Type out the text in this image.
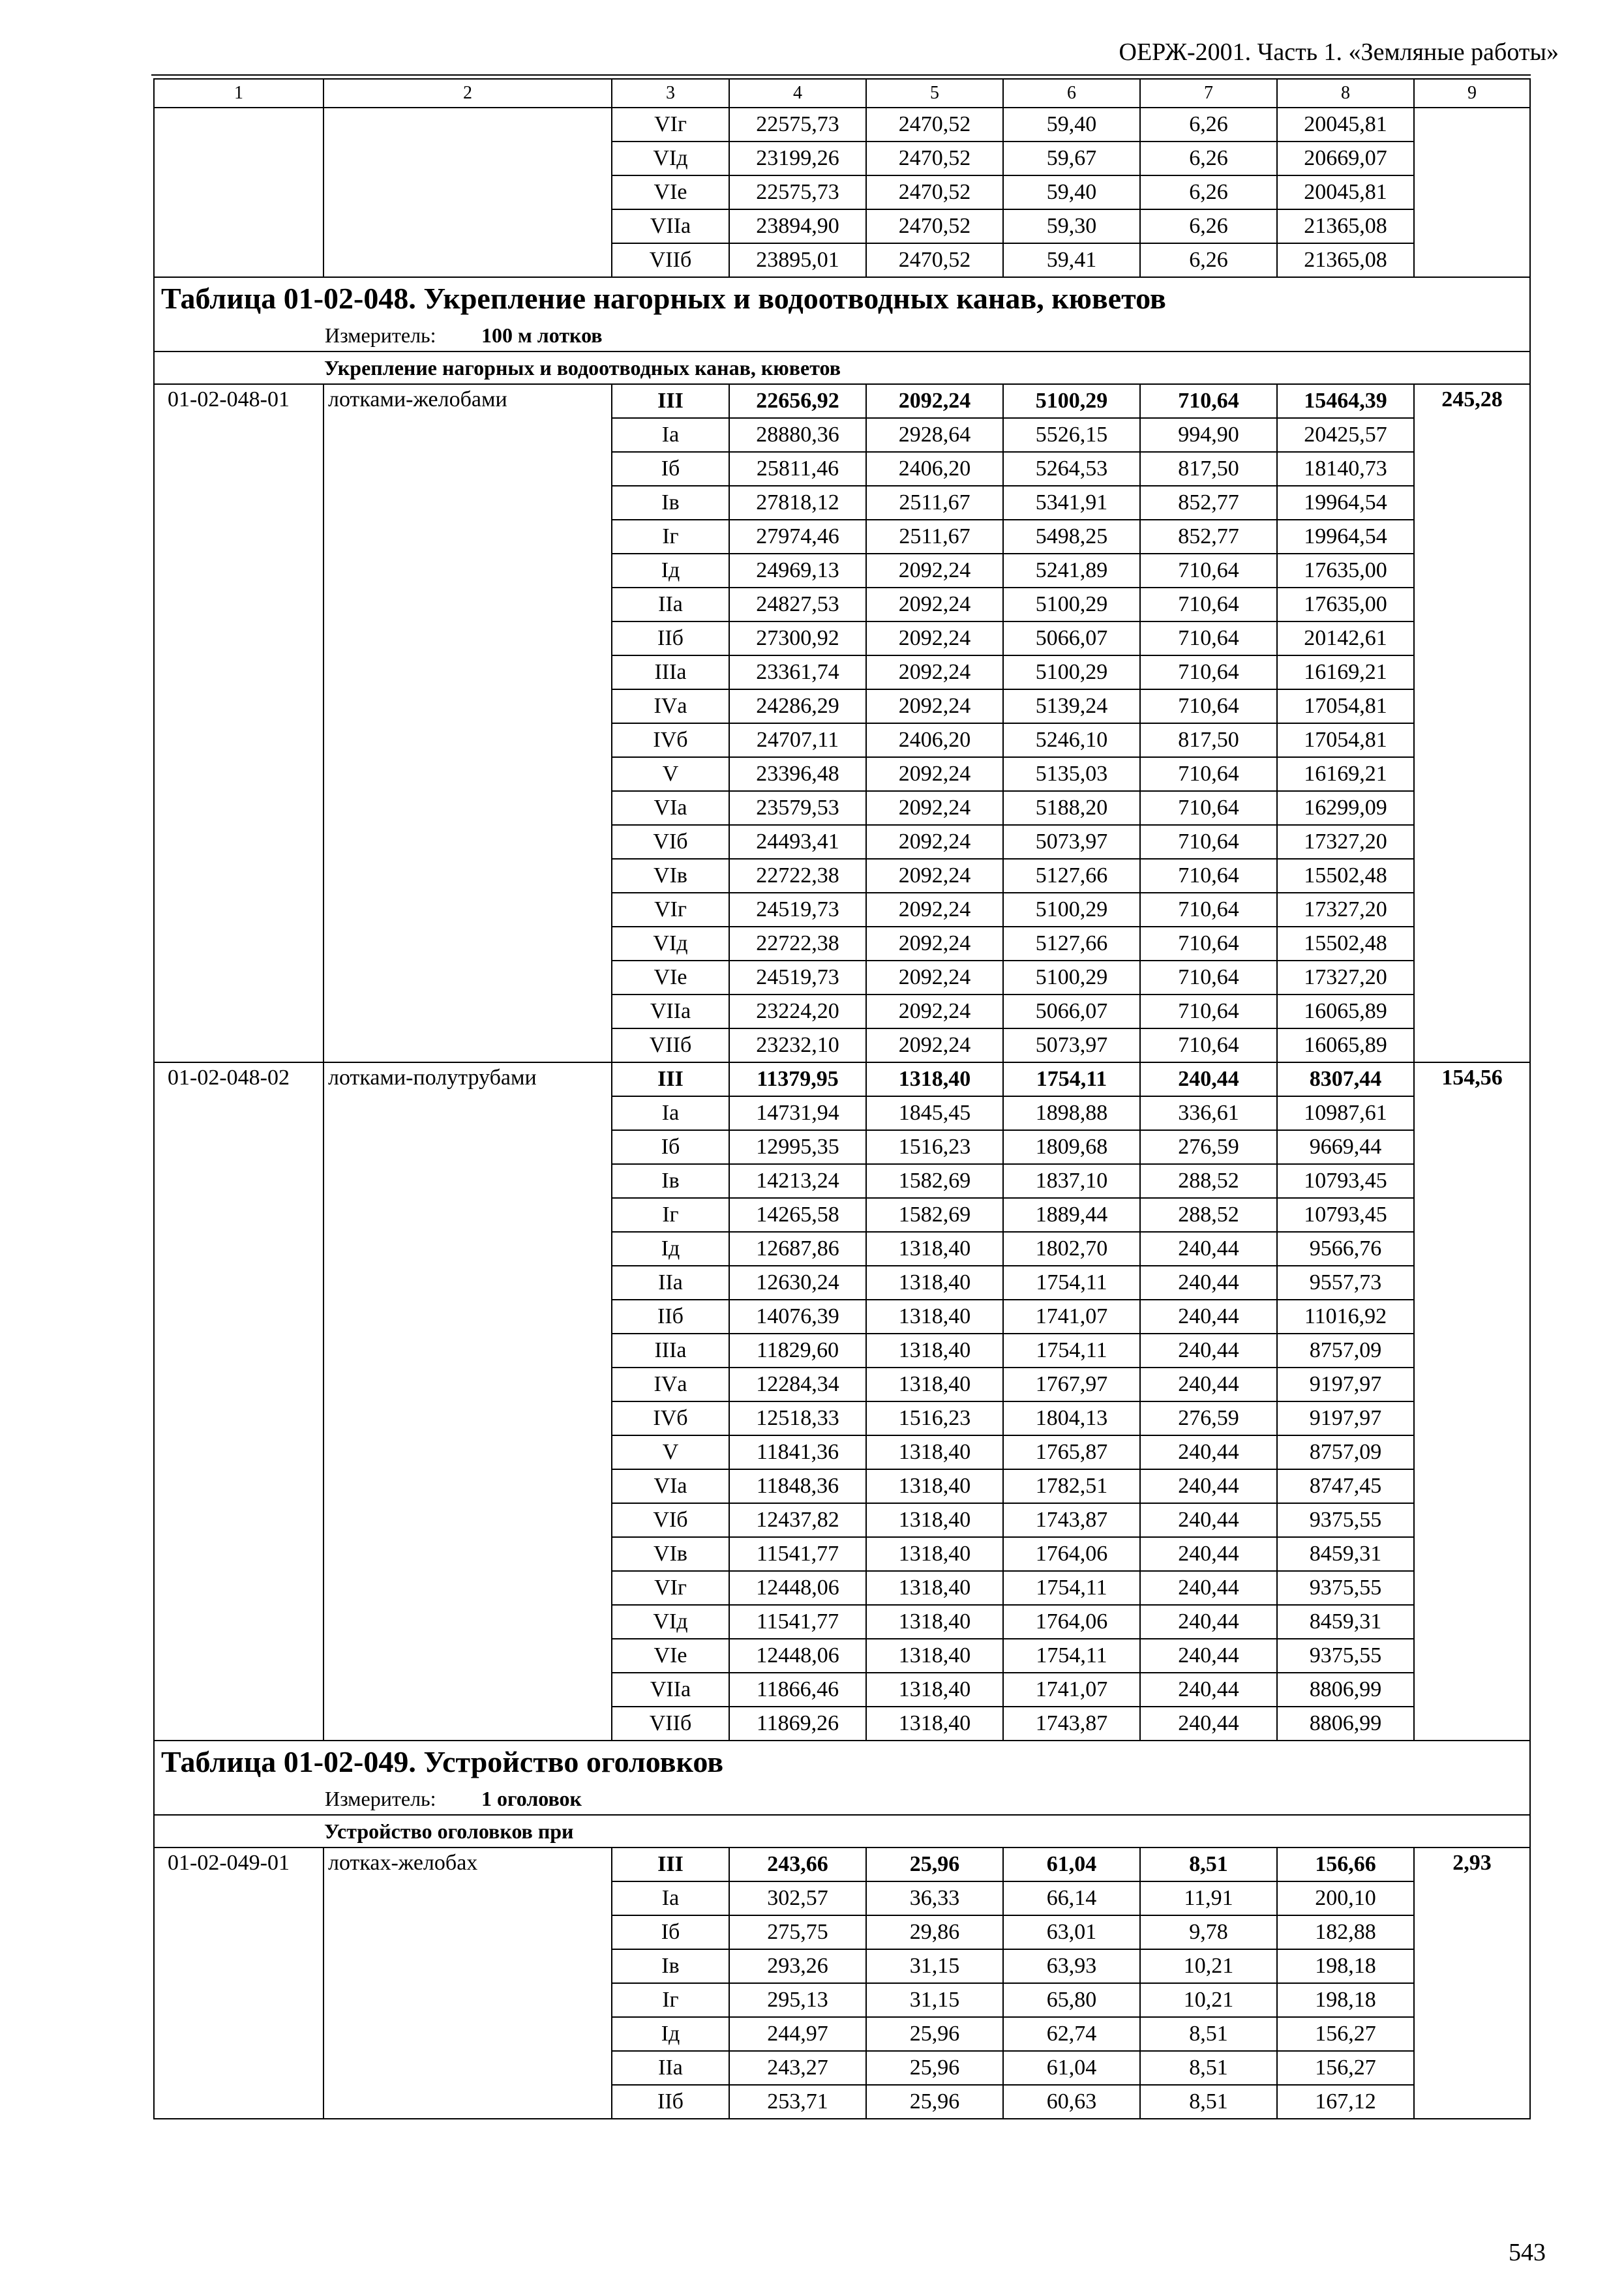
ОЕРЖ-2001. Часть 1. «Земляные работы»
1	2	3	4	5	6	7	8	9
		VIг	22575,73	2470,52	59,40	6,26	20045,81	
		VIд	23199,26	2470,52	59,67	6,26	20669,07	
		VIе	22575,73	2470,52	59,40	6,26	20045,81	
		VIIа	23894,90	2470,52	59,30	6,26	21365,08	
		VIIб	23895,01	2470,52	59,41	6,26	21365,08	
Таблица 01-02-048. Укрепление нагорных и водоотводных канав, кюветов								
Измеритель: 100 м лотков								
Укрепление нагорных и водоотводных канав, кюветов								
01-02-048-01	лотками-желобами	III	22656,92	2092,24	5100,29	710,64	15464,39	245,28
		Iа	28880,36	2928,64	5526,15	994,90	20425,57	
		Iб	25811,46	2406,20	5264,53	817,50	18140,73	
		Iв	27818,12	2511,67	5341,91	852,77	19964,54	
		Iг	27974,46	2511,67	5498,25	852,77	19964,54	
		Iд	24969,13	2092,24	5241,89	710,64	17635,00	
		IIа	24827,53	2092,24	5100,29	710,64	17635,00	
		IIб	27300,92	2092,24	5066,07	710,64	20142,61	
		IIIа	23361,74	2092,24	5100,29	710,64	16169,21	
		IVа	24286,29	2092,24	5139,24	710,64	17054,81	
		IVб	24707,11	2406,20	5246,10	817,50	17054,81	
		V	23396,48	2092,24	5135,03	710,64	16169,21	
		VIа	23579,53	2092,24	5188,20	710,64	16299,09	
		VIб	24493,41	2092,24	5073,97	710,64	17327,20	
		VIв	22722,38	2092,24	5127,66	710,64	15502,48	
		VIг	24519,73	2092,24	5100,29	710,64	17327,20	
		VIд	22722,38	2092,24	5127,66	710,64	15502,48	
		VIе	24519,73	2092,24	5100,29	710,64	17327,20	
		VIIа	23224,20	2092,24	5066,07	710,64	16065,89	
		VIIб	23232,10	2092,24	5073,97	710,64	16065,89	
01-02-048-02	лотками-полутрубами	III	11379,95	1318,40	1754,11	240,44	8307,44	154,56
		Iа	14731,94	1845,45	1898,88	336,61	10987,61	
		Iб	12995,35	1516,23	1809,68	276,59	9669,44	
		Iв	14213,24	1582,69	1837,10	288,52	10793,45	
		Iг	14265,58	1582,69	1889,44	288,52	10793,45	
		Iд	12687,86	1318,40	1802,70	240,44	9566,76	
		IIа	12630,24	1318,40	1754,11	240,44	9557,73	
		IIб	14076,39	1318,40	1741,07	240,44	11016,92	
		IIIа	11829,60	1318,40	1754,11	240,44	8757,09	
		IVа	12284,34	1318,40	1767,97	240,44	9197,97	
		IVб	12518,33	1516,23	1804,13	276,59	9197,97	
		V	11841,36	1318,40	1765,87	240,44	8757,09	
		VIа	11848,36	1318,40	1782,51	240,44	8747,45	
		VIб	12437,82	1318,40	1743,87	240,44	9375,55	
		VIв	11541,77	1318,40	1764,06	240,44	8459,31	
		VIг	12448,06	1318,40	1754,11	240,44	9375,55	
		VIд	11541,77	1318,40	1764,06	240,44	8459,31	
		VIе	12448,06	1318,40	1754,11	240,44	9375,55	
		VIIа	11866,46	1318,40	1741,07	240,44	8806,99	
		VIIб	11869,26	1318,40	1743,87	240,44	8806,99	
Таблица 01-02-049. Устройство оголовков								
Измеритель: 1 оголовок								
Устройство оголовков при								
01-02-049-01	лотках-желобах	III	243,66	25,96	61,04	8,51	156,66	2,93
		Iа	302,57	36,33	66,14	11,91	200,10	
		Iб	275,75	29,86	63,01	9,78	182,88	
		Iв	293,26	31,15	63,93	10,21	198,18	
		Iг	295,13	31,15	65,80	10,21	198,18	
		Iд	244,97	25,96	62,74	8,51	156,27	
		IIа	243,27	25,96	61,04	8,51	156,27	
		IIб	253,71	25,96	60,63	8,51	167,12	
543
